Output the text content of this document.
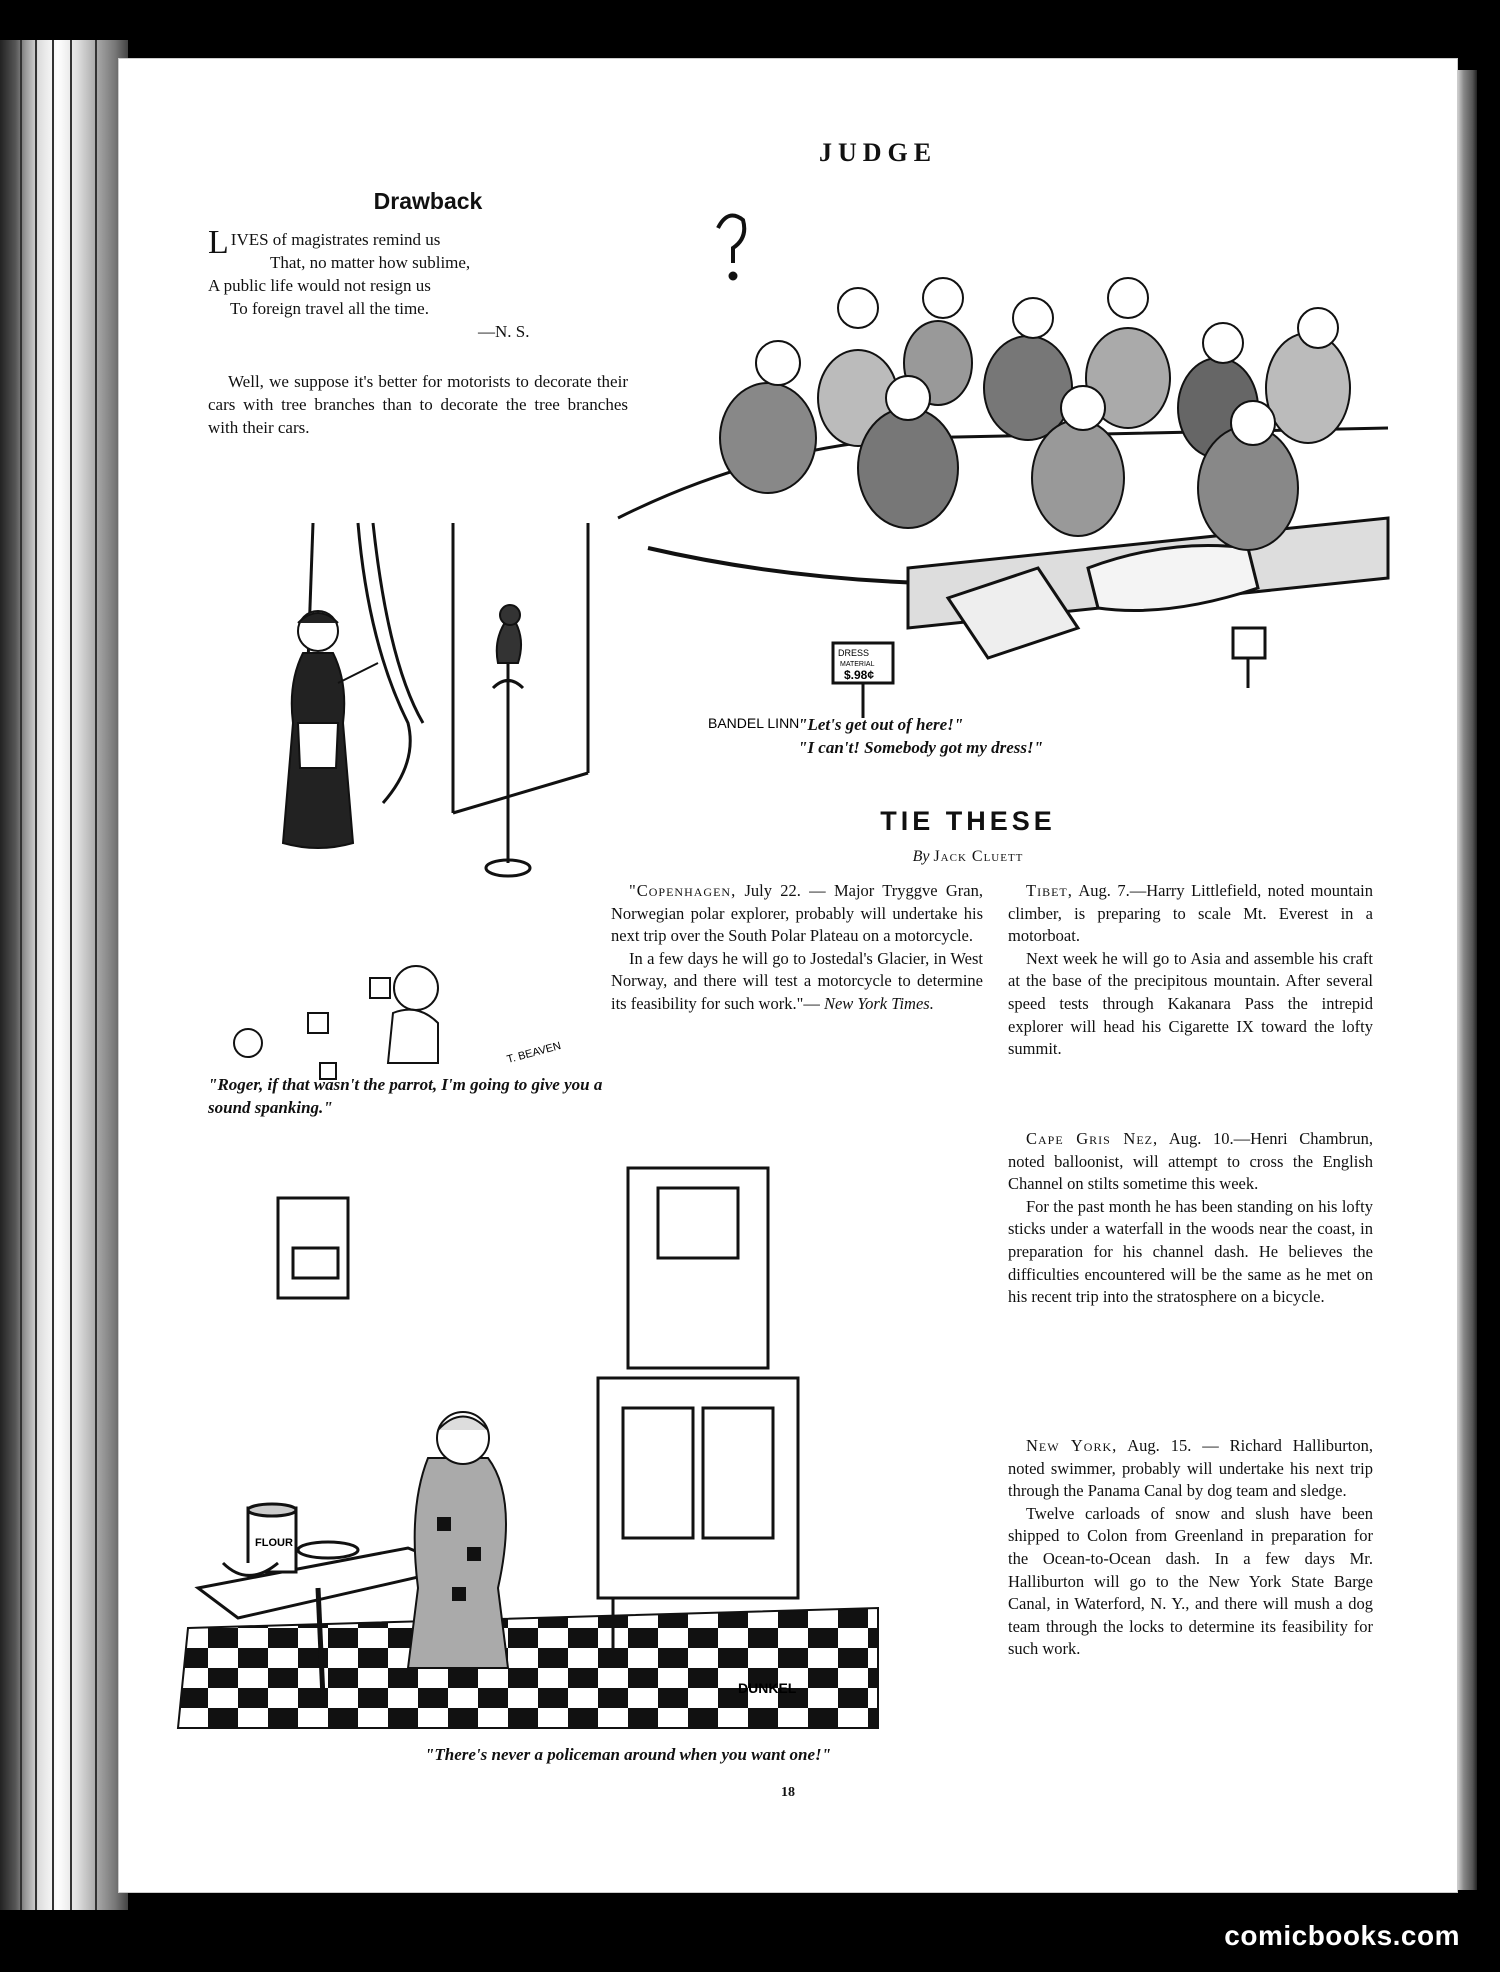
JUDGE
Drawback
LIVES of magistrates remind us
That, no matter how sublime,
A public life would not resign us
To foreign travel all the time.
—N. S.
Well, we suppose it's better for motorists to decorate their cars with tree branches than to decorate the tree branches with their cars.
DRESS
MATERIAL
$.98¢
BANDEL LINN
"Let's get out of here!"
"I can't! Somebody got my dress!"
T. BEAVEN
"Roger, if that wasn't the parrot, I'm going to give you a sound spanking."
TIE THESE
By Jack Cluett

"Copenhagen, July 22. — Major Tryggve Gran, Norwegian polar explorer, probably will undertake his next trip over the South Polar Plateau on a motorcycle.

In a few days he will go to Jostedal's Glacier, in West Norway, and there will test a motorcycle to determine its feasibility for such work."— New York Times.

Tibet, Aug. 7.—Harry Littlefield, noted mountain climber, is preparing to scale Mt. Everest in a motorboat.

Next week he will go to Asia and assemble his craft at the base of the precipitous mountain. After several speed tests through Kakanara Pass the intrepid explorer will head his Cigarette IX toward the lofty summit.

Cape Gris Nez, Aug. 10.—Henri Chambrun, noted balloonist, will attempt to cross the English Channel on stilts sometime this week.

For the past month he has been standing on his lofty sticks under a waterfall in the woods near the coast, in preparation for his channel dash. He believes the difficulties encountered will be the same as he met on his recent trip into the stratosphere on a bicycle.

New York, Aug. 15. — Richard Halliburton, noted swimmer, probably will undertake his next trip through the Panama Canal by dog team and sledge.

Twelve carloads of snow and slush have been shipped to Colon from Greenland in preparation for the Ocean-to-Ocean dash. In a few days Mr. Halliburton will go to the New York State Barge Canal, in Waterford, N. Y., and there will mush a dog team through the locks to determine its feasibility for such work.

FLOUR
DUNKEL
"There's never a policeman around when you want one!"
18
comicbooks.com
